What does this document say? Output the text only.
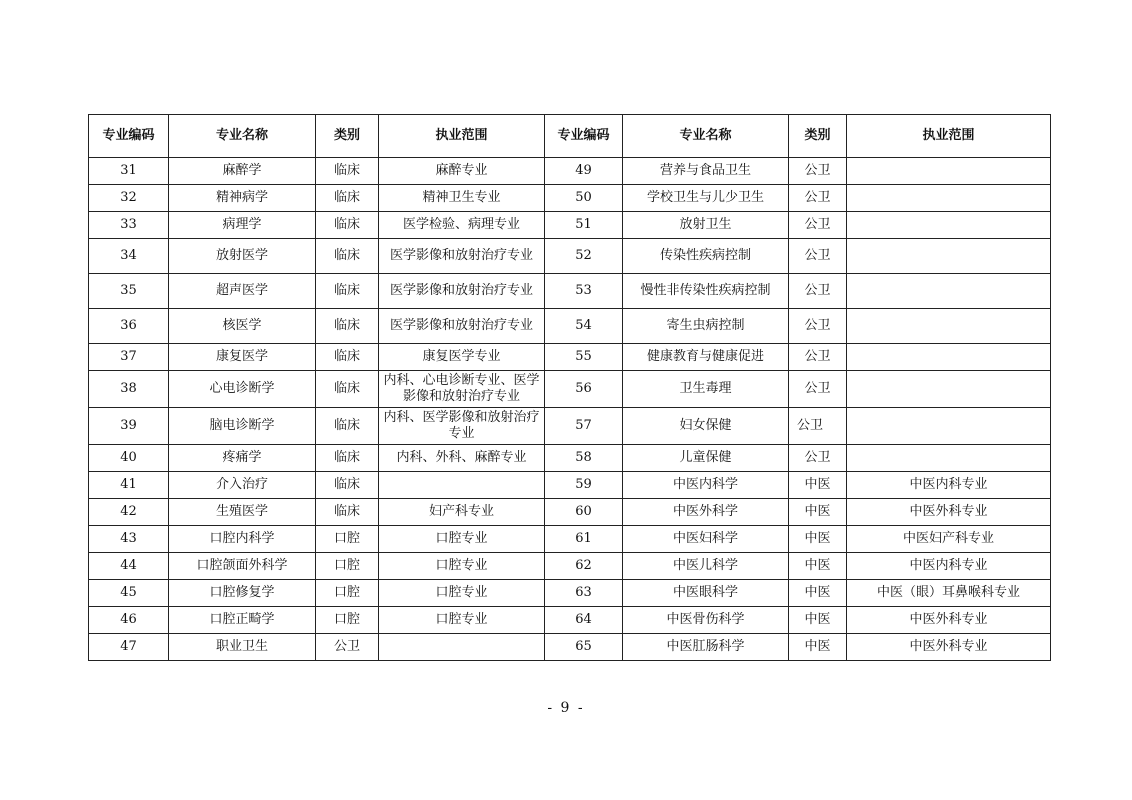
专业编码	专业名称	类别	执业范围	专业编码	专业名称	类别	执业范围
31	麻醉学	临床	麻醉专业	49	营养与食品卫生	公卫	
32	精神病学	临床	精神卫生专业	50	学校卫生与儿少卫生	公卫	
33	病理学	临床	医学检验、病理专业	51	放射卫生	公卫	
34	放射医学	临床	医学影像和放射治疗专业	52	传染性疾病控制	公卫	
35	超声医学	临床	医学影像和放射治疗专业	53	慢性非传染性疾病控制	公卫	
36	核医学	临床	医学影像和放射治疗专业	54	寄生虫病控制	公卫	
37	康复医学	临床	康复医学专业	55	健康教育与健康促进	公卫	
38	心电诊断学	临床	内科、心电诊断专业、医学影像和放射治疗专业	56	卫生毒理	公卫	
39	脑电诊断学	临床	内科、医学影像和放射治疗专业	57	妇女保健	公卫	
40	疼痛学	临床	内科、外科、麻醉专业	58	儿童保健	公卫	
41	介入治疗	临床		59	中医内科学	中医	中医内科专业
42	生殖医学	临床	妇产科专业	60	中医外科学	中医	中医外科专业
43	口腔内科学	口腔	口腔专业	61	中医妇科学	中医	中医妇产科专业
44	口腔颌面外科学	口腔	口腔专业	62	中医儿科学	中医	中医内科专业
45	口腔修复学	口腔	口腔专业	63	中医眼科学	中医	中医（眼）耳鼻喉科专业
46	口腔正畸学	口腔	口腔专业	64	中医骨伤科学	中医	中医外科专业
47	职业卫生	公卫		65	中医肛肠科学	中医	中医外科专业
- 9 -
